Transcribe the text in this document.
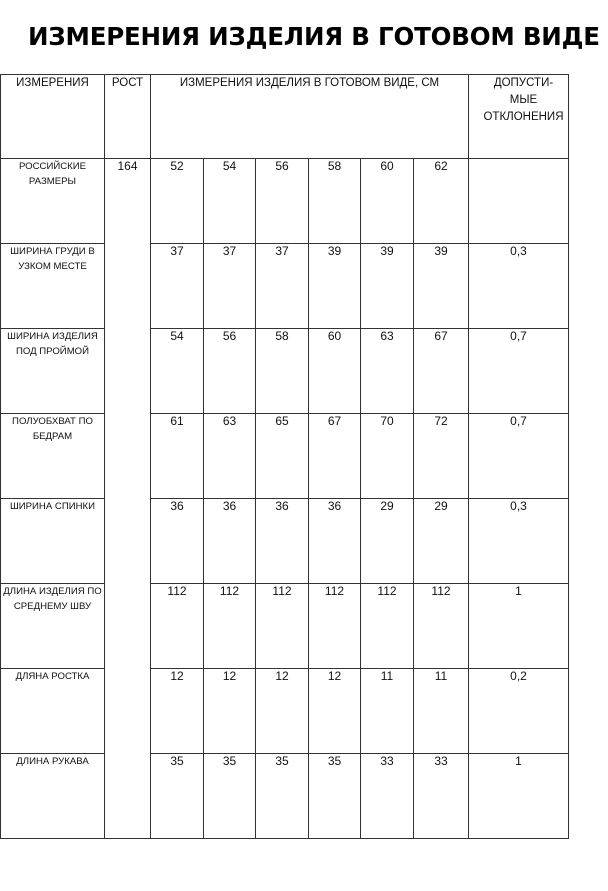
ИЗМЕРЕНИЯ ИЗДЕЛИЯ В ГОТОВОМ ВИДЕ
ИЗМЕРЕНИЯ	РОСТ	ИЗМЕРЕНИЯ ИЗДЕЛИЯ В ГОТОВОМ ВИДЕ, СМ						ДОПУСТИ-МЫЕ ОТКЛОНЕНИЯ
РОССИЙСКИЕ РАЗМЕРЫ	164	52	54	56	58	60	62	
ШИРИНА ГРУДИ В УЗКОМ МЕСТЕ		37	37	37	39	39	39	0,3
ШИРИНА ИЗДЕЛИЯ ПОД ПРОЙМОЙ		54	56	58	60	63	67	0,7
ПОЛУОБХВАТ ПО БЕДРАМ		61	63	65	67	70	72	0,7
ШИРИНА СПИНКИ		36	36	36	36	29	29	0,3
ДЛИНА ИЗДЕЛИЯ ПО СРЕДНЕМУ ШВУ		112	112	112	112	112	112	1
ДЛЯНА РОСТКА		12	12	12	12	11	11	0,2
ДЛИНА РУКАВА		35	35	35	35	33	33	1
